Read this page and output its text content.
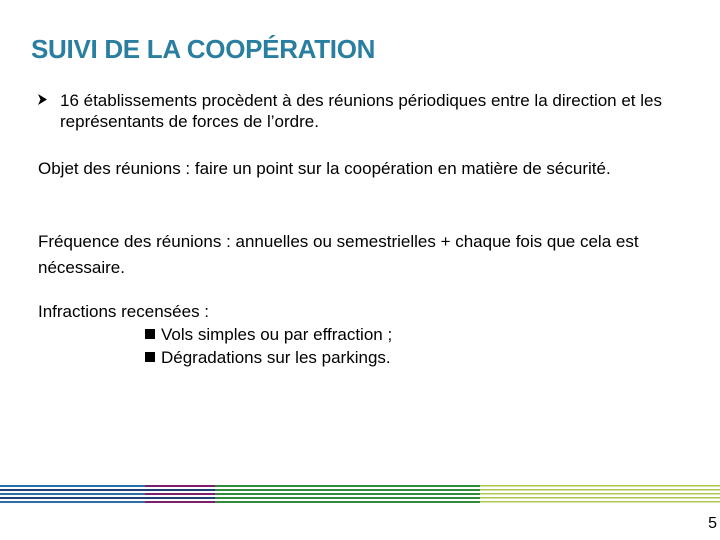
SUIVI DE LA COOPÉRATION
16 établissements procèdent à des réunions périodiques entre la direction et les représentants de forces de l’ordre.
Objet des réunions : faire un point sur la coopération en matière de sécurité.
Fréquence des réunions : annuelles ou semestrielles + chaque fois que cela est nécessaire.
Infractions recensées :
Vols simples ou par effraction ;
Dégradations sur les parkings.
5
